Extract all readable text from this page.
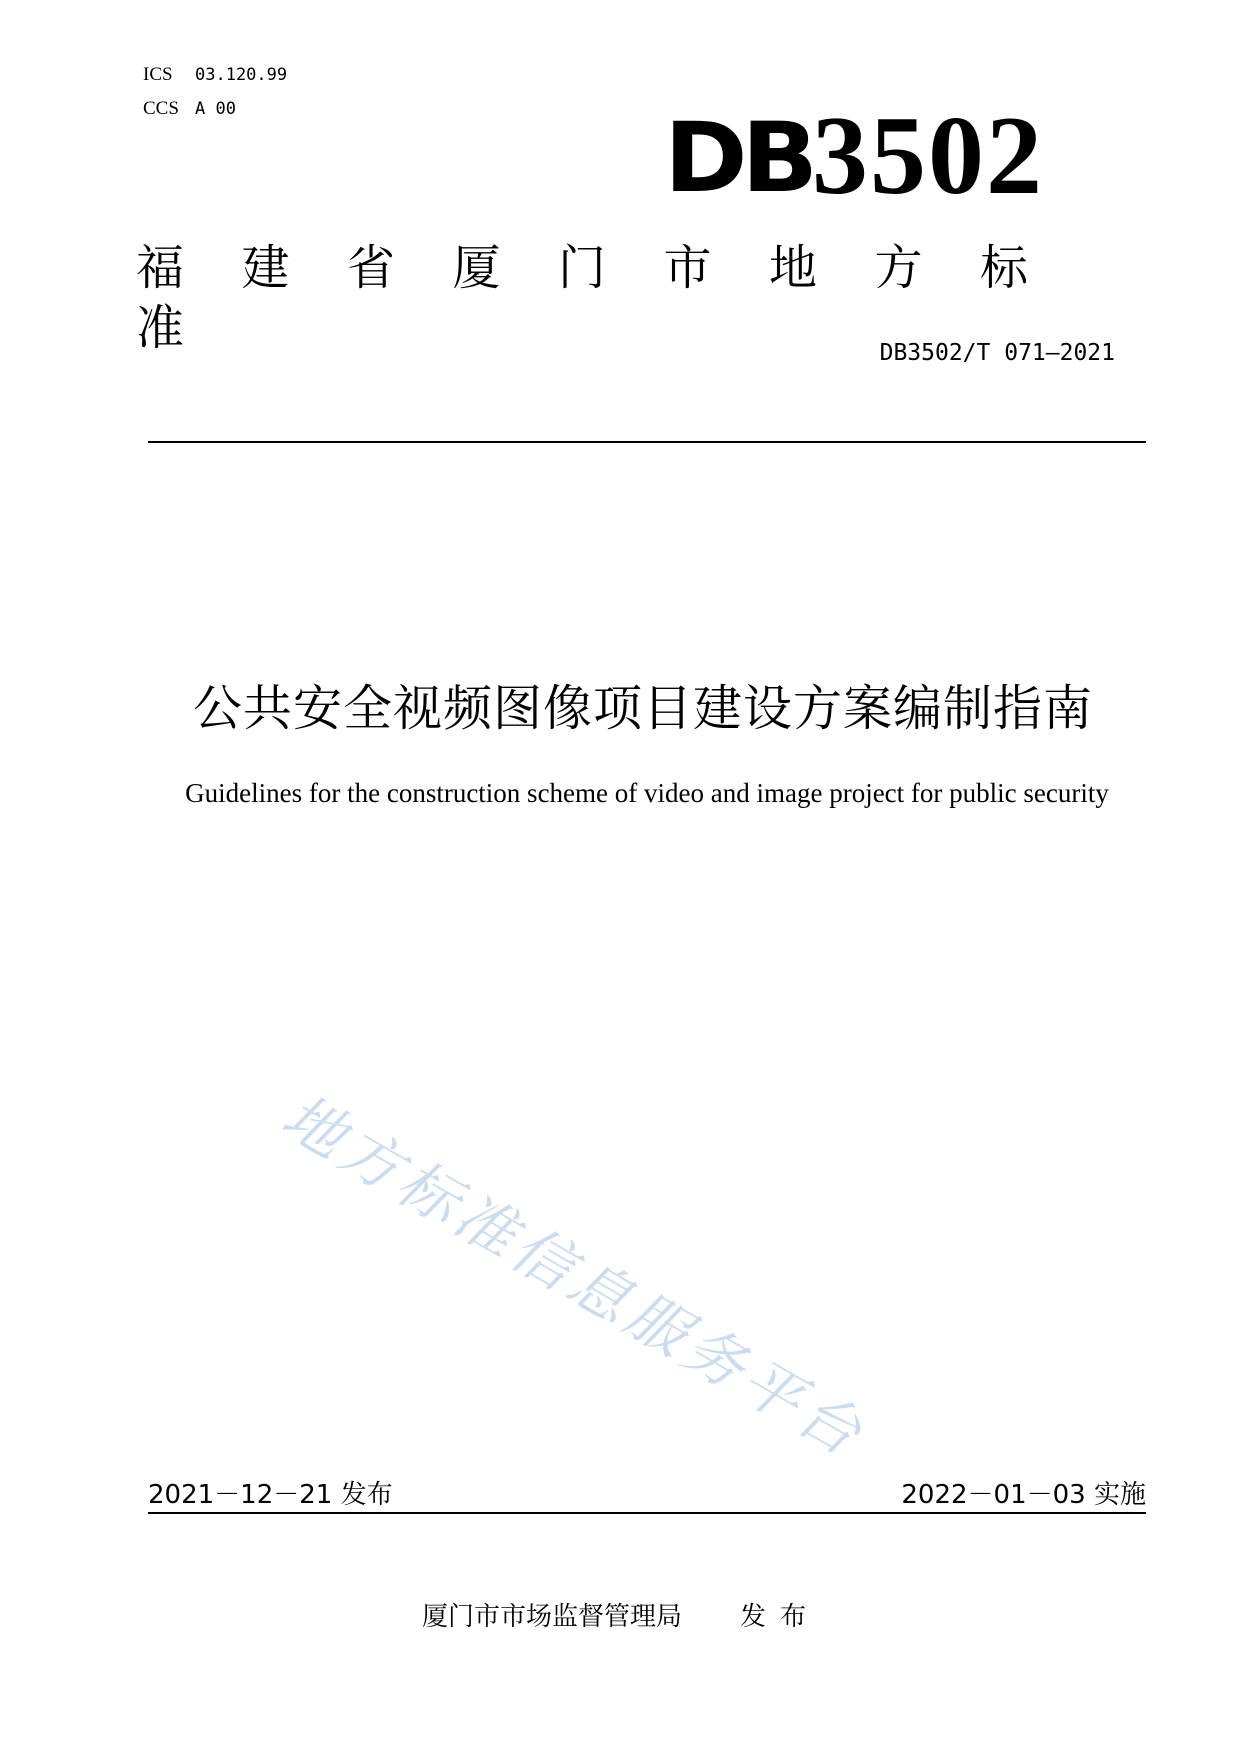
ICS 03.120.99
CCS A 00	DB 3502
福 建 省 厦 门 市 地 方 标准	DB3502/T 071—2021
公共安全视频图像项目建设方案编制指南
Guidelines for the construction scheme of video and image project for public security
地方标准信息服务平台
2021－12－21 发布	2022－01－03 实施
厦门市市场监督管理局 发布
